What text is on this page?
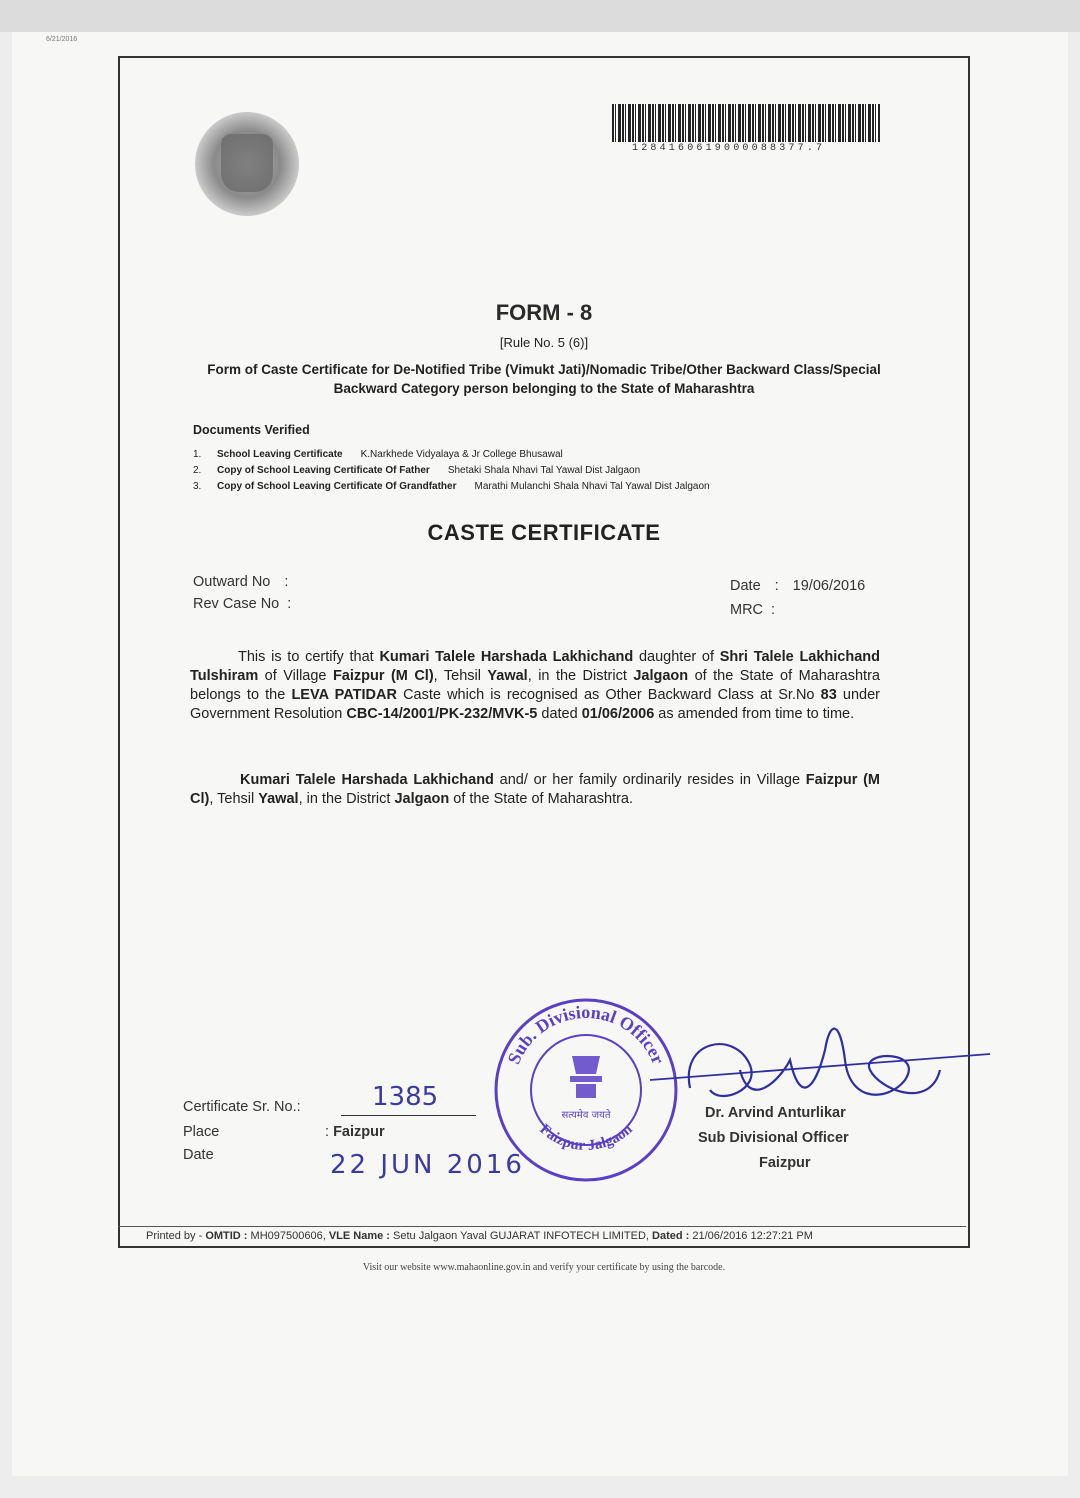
6/21/2016
1284160619000088377.7
FORM - 8
[Rule No. 5 (6)]
Form of Caste Certificate for De-Notified Tribe (Vimukt Jati)/Nomadic Tribe/Other Backward Class/Special Backward Category person belonging to the State of Maharashtra
Documents Verified
1. School Leaving Certificate K.Narkhede Vidyalaya & Jr College Bhusawal
2. Copy of School Leaving Certificate Of Father Shetaki Shala Nhavi Tal Yawal Dist Jalgaon
3. Copy of School Leaving Certificate Of Grandfather Marathi Mulanchi Shala Nhavi Tal Yawal Dist Jalgaon
CASTE CERTIFICATE
Outward No :
Rev Case No :
Date : 19/06/2016
MRC :
This is to certify that Kumari Talele Harshada Lakhichand daughter of Shri Talele Lakhichand Tulshiram of Village Faizpur (M Cl), Tehsil Yawal, in the District Jalgaon of the State of Maharashtra belongs to the LEVA PATIDAR Caste which is recognised as Other Backward Class at Sr.No 83 under Government Resolution CBC-14/2001/PK-232/MVK-5 dated 01/06/2006 as amended from time to time.
Kumari Talele Harshada Lakhichand and/ or her family ordinarily resides in Village Faizpur (M Cl), Tehsil Yawal, in the District Jalgaon of the State of Maharashtra.
Sub. Divisional Officer
Faizpur Jalgaon
सत्यमेव जयते
Certificate Sr. No.:	1385
Place	: Faizpur
Date	22 JUN 2016
Dr. Arvind Anturlikar
Sub Divisional Officer
Faizpur
Printed by - OMTID : MH097500606, VLE Name : Setu Jalgaon Yaval GUJARAT INFOTECH LIMITED, Dated : 21/06/2016 12:27:21 PM
Visit our website www.mahaonline.gov.in and verify your certificate by using the barcode.
